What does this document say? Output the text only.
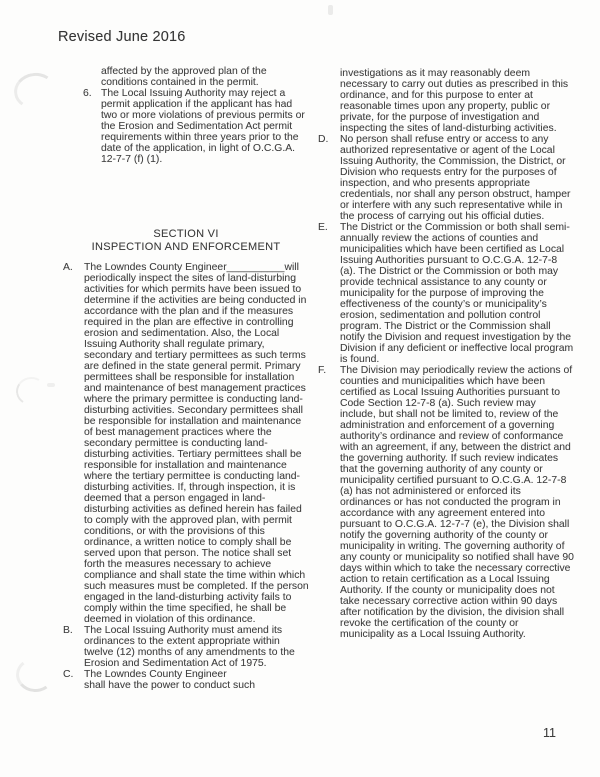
Revised June 2016
affected by the approved plan of the conditions contained in the permit.
6. The Local Issuing Authority may reject a permit application if the applicant has had two or more violations of previous permits or the Erosion and Sedimentation Act permit requirements within three years prior to the date of the application, in light of O.C.G.A. 12-7-7 (f) (1).
SECTION VI
INSPECTION AND ENFORCEMENT
A.	The Lowndes County Engineer__________will periodically inspect the sites of land-disturbing activities for which permits have been issued to determine if the activities are being conducted in accordance with the plan and if the measures required in the plan are effective in controlling erosion and sedimentation. Also, the Local Issuing Authority shall regulate primary, secondary and tertiary permittees as such terms are defined in the state general permit. Primary permittees shall be responsible for installation and maintenance of best management practices where the primary permittee is conducting land-disturbing activities. Secondary permittees shall be responsible for installation and maintenance of best management practices where the secondary permittee is conducting land-disturbing activities. Tertiary permittees shall be responsible for installation and maintenance where the tertiary permittee is conducting land-disturbing activities. If, through inspection, it is deemed that a person engaged in land-disturbing activities as defined herein has failed to comply with the approved plan, with permit conditions, or with the provisions of this ordinance, a written notice to comply shall be served upon that person. The notice shall set forth the measures necessary to achieve compliance and shall state the time within which such measures must be completed. If the person engaged in the land-disturbing activity fails to comply within the time specified, he shall be deemed in violation of this ordinance.
B.	The Local Issuing Authority must amend its ordinances to the extent appropriate within twelve (12) months of any amendments to the Erosion and Sedimentation Act of 1975.
C.	The Lowndes County Engineer
shall have the power to conduct such
investigations as it may reasonably deem necessary to carry out duties as prescribed in this ordinance, and for this purpose to enter at reasonable times upon any property, public or private, for the purpose of investigation and inspecting the sites of land-disturbing activities.
D.	No person shall refuse entry or access to any authorized representative or agent of the Local Issuing Authority, the Commission, the District, or Division who requests entry for the purposes of inspection, and who presents appropriate credentials, nor shall any person obstruct, hamper or interfere with any such representative while in the process of carrying out his official duties.
E.	The District or the Commission or both shall semi-annually review the actions of counties and municipalities which have been certified as Local Issuing Authorities pursuant to O.C.G.A. 12-7-8 (a). The District or the Commission or both may provide technical assistance to any county or municipality for the purpose of improving the effectiveness of the county’s or municipality’s erosion, sedimentation and pollution control program. The District or the Commission shall notify the Division and request investigation by the Division if any deficient or ineffective local program is found.
F.	The Division may periodically review the actions of counties and municipalities which have been certified as Local Issuing Authorities pursuant to Code Section 12-7-8 (a). Such review may include, but shall not be limited to, review of the administration and enforcement of a governing authority’s ordinance and review of conformance with an agreement, if any, between the district and the governing authority. If such review indicates that the governing authority of any county or municipality certified pursuant to O.C.G.A. 12-7-8 (a) has not administered or enforced its ordinances or has not conducted the program in accordance with any agreement entered into pursuant to O.C.G.A. 12-7-7 (e), the Division shall notify the governing authority of the county or municipality in writing. The governing authority of any county or municipality so notified shall have 90 days within which to take the necessary corrective action to retain certification as a Local Issuing Authority. If the county or municipality does not take necessary corrective action within 90 days after notification by the division, the division shall revoke the certification of the county or municipality as a Local Issuing Authority.
11
